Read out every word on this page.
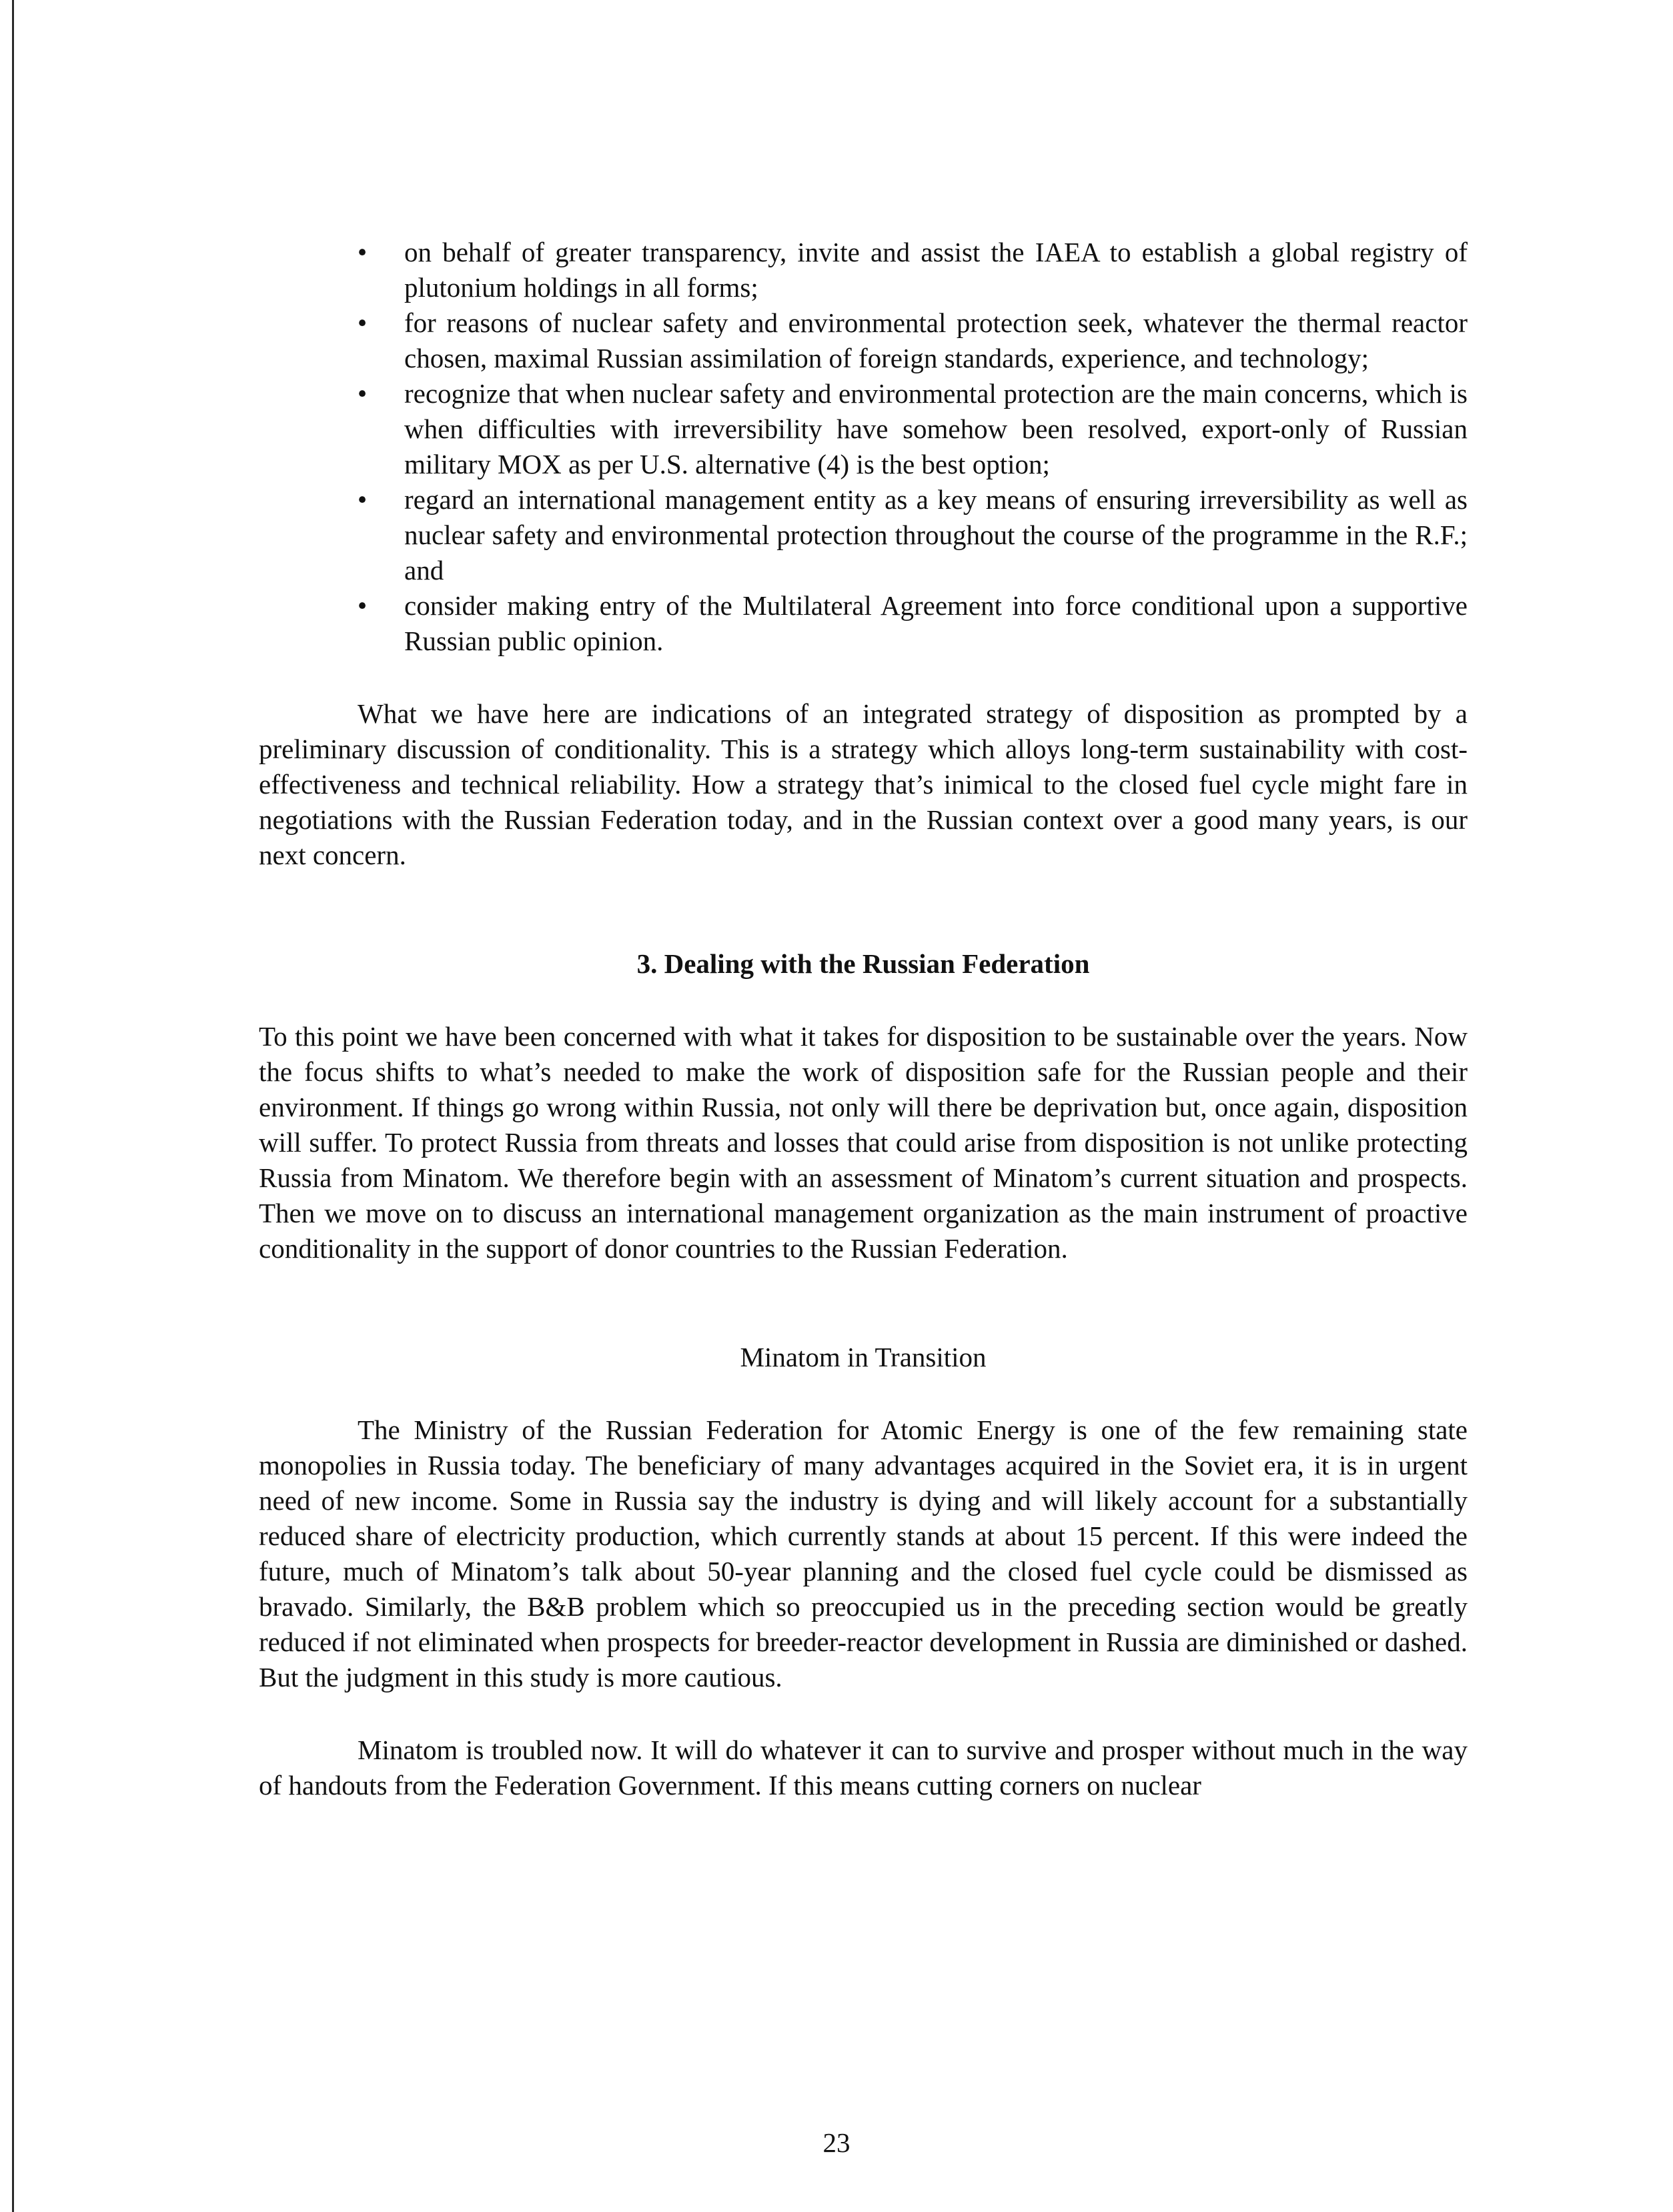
• on behalf of greater transparency, invite and assist the IAEA to establish a global registry of plutonium holdings in all forms;
• for reasons of nuclear safety and environmental protection seek, whatever the thermal reactor chosen, maximal Russian assimilation of foreign standards, experience, and technology;
• recognize that when nuclear safety and environmental protection are the main concerns, which is when difficulties with irreversibility have somehow been resolved, export-only of Russian military MOX as per U.S. alternative (4) is the best option;
• regard an international management entity as a key means of ensuring irreversibility as well as nuclear safety and environmental protection throughout the course of the programme in the R.F.; and
• consider making entry of the Multilateral Agreement into force conditional upon a supportive Russian public opinion.

What we have here are indications of an integrated strategy of disposition as prompted by a preliminary discussion of conditionality. This is a strategy which alloys long-term sustainability with cost-effectiveness and technical reliability. How a strategy that’s inimical to the closed fuel cycle might fare in negotiations with the Russian Federation today, and in the Russian context over a good many years, is our next concern.

3. Dealing with the Russian Federation

To this point we have been concerned with what it takes for disposition to be sustainable over the years. Now the focus shifts to what’s needed to make the work of disposition safe for the Russian people and their environment. If things go wrong within Russia, not only will there be deprivation but, once again, disposition will suffer. To protect Russia from threats and losses that could arise from disposition is not unlike protecting Russia from Minatom. We therefore begin with an assessment of Minatom’s current situation and prospects. Then we move on to discuss an international management organization as the main instrument of proactive conditionality in the support of donor countries to the Russian Federation.

Minatom in Transition

The Ministry of the Russian Federation for Atomic Energy is one of the few remaining state monopolies in Russia today. The beneficiary of many advantages acquired in the Soviet era, it is in urgent need of new income. Some in Russia say the industry is dying and will likely account for a substantially reduced share of electricity production, which currently stands at about 15 percent. If this were indeed the future, much of Minatom’s talk about 50-year planning and the closed fuel cycle could be dismissed as bravado. Similarly, the B&B problem which so preoccupied us in the preceding section would be greatly reduced if not eliminated when prospects for breeder-reactor development in Russia are diminished or dashed. But the judgment in this study is more cautious.

Minatom is troubled now. It will do whatever it can to survive and prosper without much in the way of handouts from the Federation Government. If this means cutting corners on nuclear

23
